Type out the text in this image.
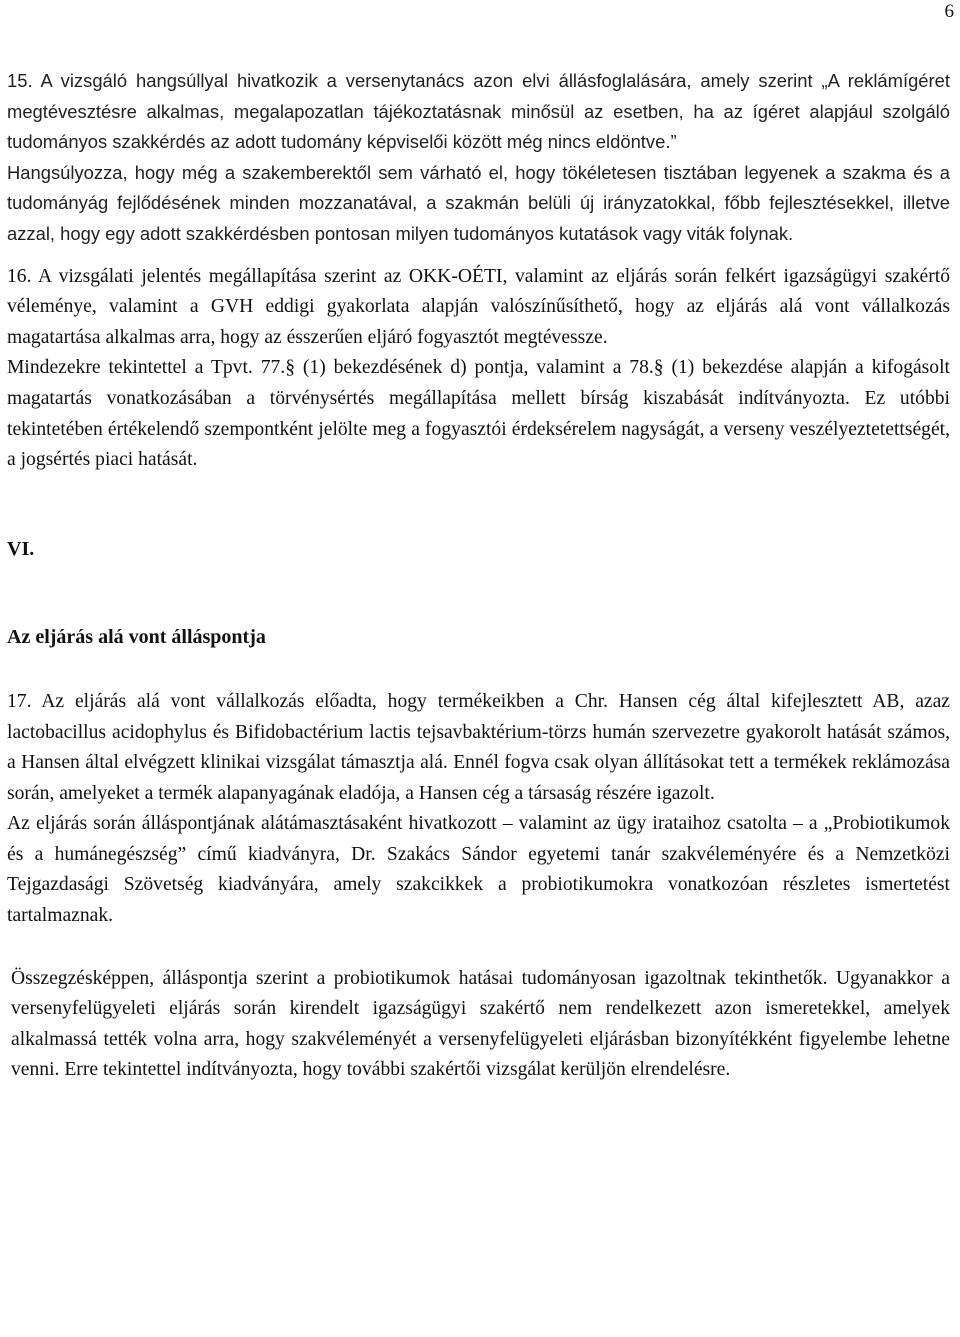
6

15. A vizsgáló hangsúllyal hivatkozik a versenytanács azon elvi állásfoglalására, amely szerint „A reklámígéret megtévesztésre alkalmas, megalapozatlan tájékoztatásnak minősül az esetben, ha az ígéret alapjául szolgáló tudományos szakkérdés az adott tudomány képviselői között még nincs eldöntve.”

Hangsúlyozza, hogy még a szakemberektől sem várható el, hogy tökéletesen tisztában legyenek a szakma és a tudományág fejlődésének minden mozzanatával, a szakmán belüli új irányzatokkal, főbb fejlesztésekkel, illetve azzal, hogy egy adott szakkérdésben pontosan milyen tudományos kutatások vagy viták folynak.

16. A vizsgálati jelentés megállapítása szerint az OKK-OÉTI, valamint az eljárás során felkért igazságügyi szakértő véleménye, valamint a GVH eddigi gyakorlata alapján valószínűsíthető, hogy az eljárás alá vont vállalkozás magatartása alkalmas arra, hogy az ésszerűen eljáró fogyasztót megtévessze.

Mindezekre tekintettel a Tpvt. 77.§ (1) bekezdésének d) pontja, valamint a 78.§ (1) bekezdése alapján a kifogásolt magatartás vonatkozásában a törvénysértés megállapítása mellett bírság kiszabását indítványozta. Ez utóbbi tekintetében értékelendő szempontként jelölte meg a fogyasztói érdeksérelem nagyságát, a verseny veszélyeztetettségét, a jogsértés piaci hatását.

VI.

Az eljárás alá vont álláspontja

17. Az eljárás alá vont vállalkozás előadta, hogy termékeikben a Chr. Hansen cég által kifejlesztett AB, azaz lactobacillus acidophylus és Bifidobactérium lactis tejsavbaktérium-törzs humán szervezetre gyakorolt hatását számos, a Hansen által elvégzett klinikai vizsgálat támasztja alá. Ennél fogva csak olyan állításokat tett a termékek reklámozása során, amelyeket a termék alapanyagának eladója, a Hansen cég a társaság részére igazolt.

Az eljárás során álláspontjának alátámasztásaként hivatkozott – valamint az ügy irataihoz csatolta – a „Probiotikumok és a humánegészség” című kiadványra, Dr. Szakács Sándor egyetemi tanár szakvéleményére és a Nemzetközi Tejgazdasági Szövetség kiadványára, amely szakcikkek a probiotikumokra vonatkozóan részletes ismertetést tartalmaznak.

Összegzésképpen, álláspontja szerint a probiotikumok hatásai tudományosan igazoltnak tekinthetők. Ugyanakkor a versenyfelügyeleti eljárás során kirendelt igazságügyi szakértő nem rendelkezett azon ismeretekkel, amelyek alkalmassá tették volna arra, hogy szakvéleményét a versenyfelügyeleti eljárásban bizonyítékként figyelembe lehetne venni. Erre tekintettel indítványozta, hogy további szakértői vizsgálat kerüljön elrendelésre.
